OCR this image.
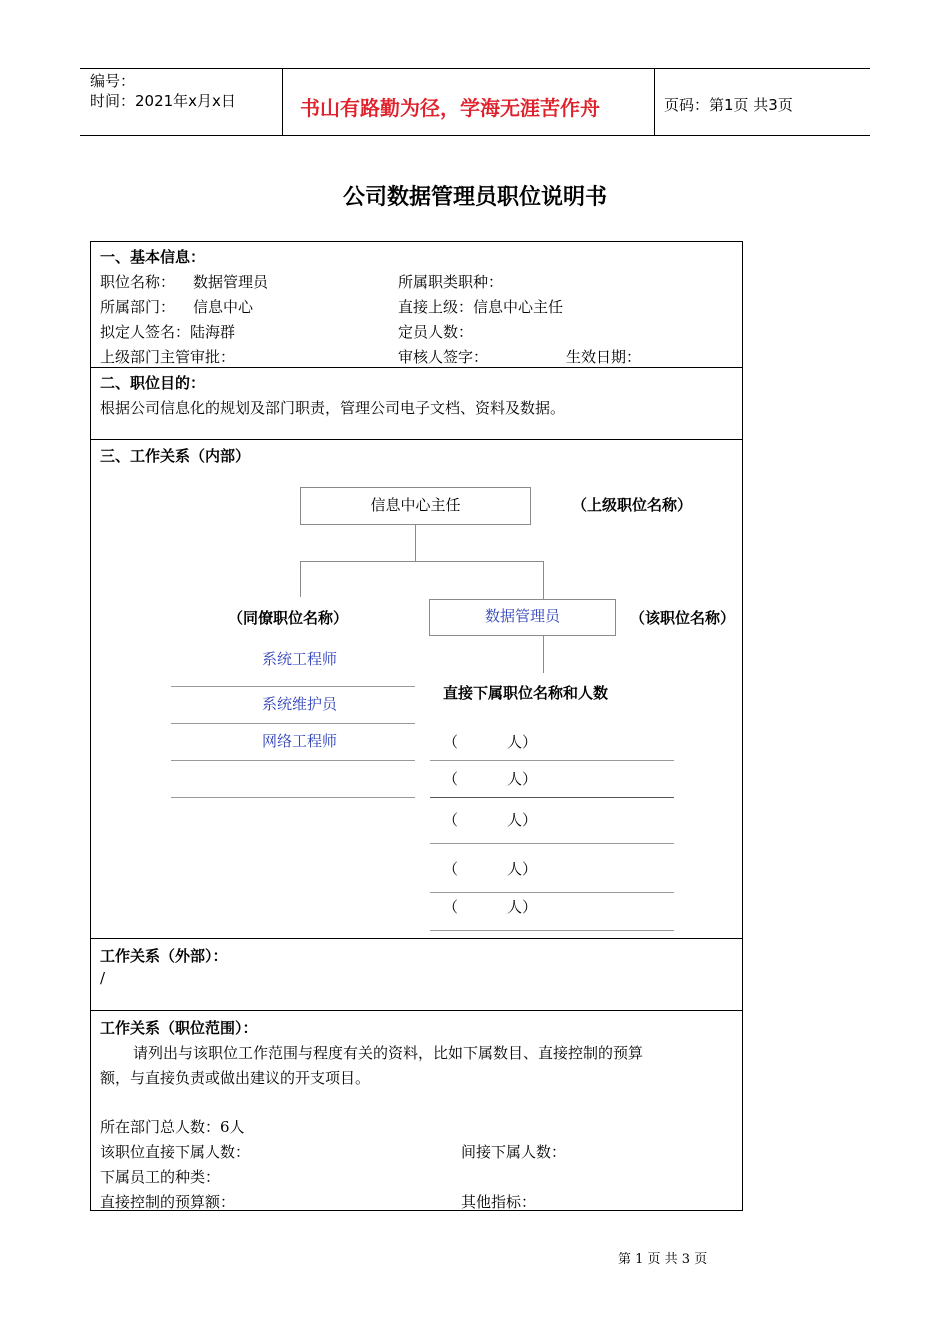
编号：
时间：2021年x月x日	书山有路勤为径，学海无涯苦作舟	页码：第1页 共3页
公司数据管理员职位说明书
一、基本信息：
职位名称： 数据管理员	所属职类职种：
所属部门： 信息中心	直接上级：信息中心主任
拟定人签名：陆海群	定员人数：
上级部门主管审批：	审核人签字：	生效日期：
二、职位目的：
根据公司信息化的规划及部门职责，管理公司电子文档、资料及数据。
三、工作关系（内部）
信息中心主任	（上级职位名称）
（同僚职位名称）	数据管理员	（该职位名称）
系统工程师
系统维护员
网络工程师
直接下属职位名称和人数
（	人）
（	人）
（	人）
（	人）
（	人）
工作关系（外部）：
/
工作关系（职位范围）：
请列出与该职位工作范围与程度有关的资料，比如下属数目、直接控制的预算
额，与直接负责或做出建议的开支项目。
所在部门总人数：6人
该职位直接下属人数：	间接下属人数：
下属员工的种类：
直接控制的预算额：	其他指标：
第 1 页 共 3 页
